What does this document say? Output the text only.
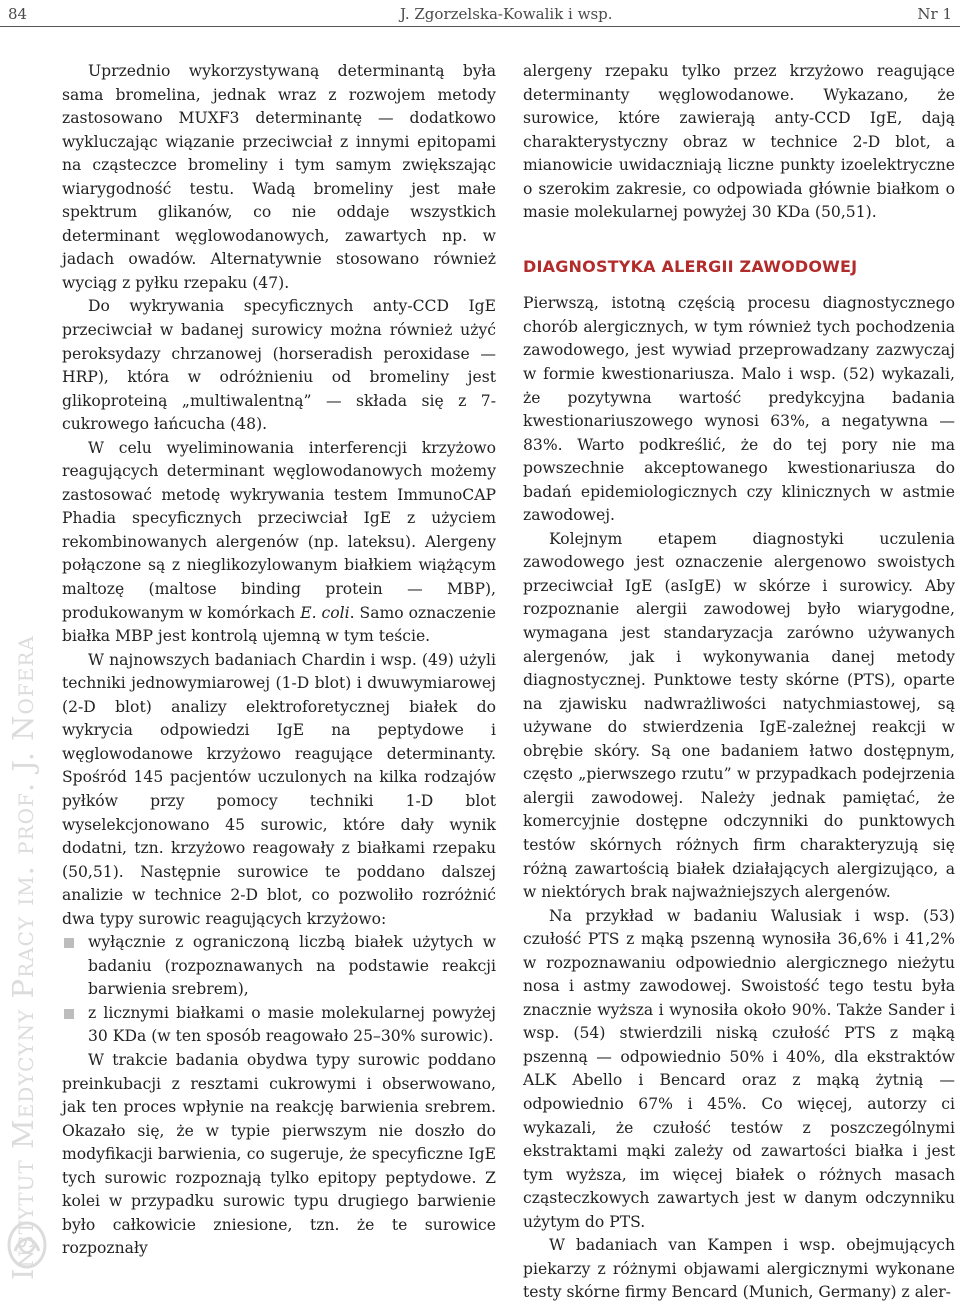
84	J. Zgorzelska-Kowalik i wsp.	Nr 1
Instytut Medycyny Pracy im. prof. J. Nofera

Uprzednio wykorzystywaną determinantą była sama bromelina, jednak wraz z rozwojem metody zastosowano MUXF3 determinantę — dodatkowo wykluczając wiązanie przeciwciał z innymi epitopami na cząsteczce bromeliny i tym samym zwiększając wiarygodność testu. Wadą bromeliny jest małe spektrum glikanów, co nie oddaje wszystkich determinant węglowodanowych, zawartych np. w jadach owadów. Alternatywnie stosowano również wyciąg z pyłku rzepaku (47).

Do wykrywania specyficznych anty-CCD IgE przeciwciał w badanej surowicy można również użyć peroksydazy chrzanowej (horseradish peroxidase — HRP), która w odróżnieniu od bromeliny jest glikoproteiną „multiwalentną” — składa się z 7-cukrowego łańcucha (48).

W celu wyeliminowania interferencji krzyżowo reagujących determinant węglowodanowych możemy zastosować metodę wykrywania testem ImmunoCAP Phadia specyficznych przeciwciał IgE z użyciem rekombinowanych alergenów (np. lateksu). Alergeny połączone są z nieglikozylowanym białkiem wiążącym maltozę (maltose binding protein — MBP), produkowanym w komórkach E. coli. Samo oznaczenie białka MBP jest kontrolą ujemną w tym teście.

W najnowszych badaniach Chardin i wsp. (49) użyli techniki jednowymiarowej (1-D blot) i dwuwymiarowej (2-D blot) analizy elektroforetycznej białek do wykrycia odpowiedzi IgE na peptydowe i węglowodanowe krzyżowo reagujące determinanty. Spośród 145 pacjentów uczulonych na kilka rodzajów pyłków przy pomocy techniki 1-D blot wyselekcjonowano 45 surowic, które dały wynik dodatni, tzn. krzyżowo reagowały z białkami rzepaku (50,51). Następnie surowice te poddano dalszej analizie w technice 2-D blot, co pozwoliło rozróżnić dwa typy surowic reagujących krzyżowo:

wyłącznie z ograniczoną liczbą białek użytych w badaniu (rozpoznawanych na podstawie reakcji barwienia srebrem),
z licznymi białkami o masie molekularnej powyżej 30 KDa (w ten sposób reagowało 25–30% surowic).

W trakcie badania obydwa typy surowic poddano preinkubacji z resztami cukrowymi i obserwowano, jak ten proces wpłynie na reakcję barwienia srebrem. Okazało się, że w typie pierwszym nie doszło do modyfikacji barwienia, co sugeruje, że specyficzne IgE tych surowic rozpoznają tylko epitopy peptydowe. Z kolei w przypadku surowic typu drugiego barwienie było całkowicie zniesione, tzn. że te surowice rozpoznały

alergeny rzepaku tylko przez krzyżowo reagujące determinanty węglowodanowe. Wykazano, że surowice, które zawierają anty-CCD IgE, dają charakterystyczny obraz w technice 2-D blot, a mianowicie uwidaczniają liczne punkty izoelektryczne o szerokim zakresie, co odpowiada głównie białkom o masie molekularnej powyżej 30 KDa (50,51).

DIAGNOSTYKA ALERGII ZAWODOWEJ

Pierwszą, istotną częścią procesu diagnostycznego chorób alergicznych, w tym również tych pochodzenia zawodowego, jest wywiad przeprowadzany zazwyczaj w formie kwestionariusza. Malo i wsp. (52) wykazali, że pozytywna wartość predykcyjna badania kwestionariuszowego wynosi 63%, a negatywna — 83%. Warto podkreślić, że do tej pory nie ma powszechnie akceptowanego kwestionariusza do badań epidemiologicznych czy klinicznych w astmie zawodowej.

Kolejnym etapem diagnostyki uczulenia zawodowego jest oznaczenie alergenowo swoistych przeciwciał IgE (asIgE) w skórze i surowicy. Aby rozpoznanie alergii zawodowej było wiarygodne, wymagana jest standaryzacja zarówno używanych alergenów, jak i wykonywania danej metody diagnostycznej. Punktowe testy skórne (PTS), oparte na zjawisku nadwrażliwości natychmiastowej, są używane do stwierdzenia IgE-zależnej reakcji w obrębie skóry. Są one badaniem łatwo dostępnym, często „pierwszego rzutu” w przypadkach podejrzenia alergii zawodowej. Należy jednak pamiętać, że komercyjnie dostępne odczynniki do punktowych testów skórnych różnych firm charakteryzują się różną zawartością białek działających alergizująco, a w niektórych brak najważniejszych alergenów.

Na przykład w badaniu Walusiak i wsp. (53) czułość PTS z mąką pszenną wynosiła 36,6% i 41,2% w rozpoznawaniu odpowiednio alergicznego nieżytu nosa i astmy zawodowej. Swoistość tego testu była znacznie wyższa i wynosiła około 90%. Także Sander i wsp. (54) stwierdzili niską czułość PTS z mąką pszenną — odpowiednio 50% i 40%, dla ekstraktów ALK Abello i Bencard oraz z mąką żytnią — odpowiednio 67% i 45%. Co więcej, autorzy ci wykazali, że czułość testów z poszczególnymi ekstraktami mąki zależy od zawartości białka i jest tym wyższa, im więcej białek o różnych masach cząsteczkowych zawartych jest w danym odczynniku użytym do PTS.

W badaniach van Kampen i wsp. obejmujących piekarzy z różnymi objawami alergicznymi wykonane testy skórne firmy Bencard (Munich, Germany) z aler-
